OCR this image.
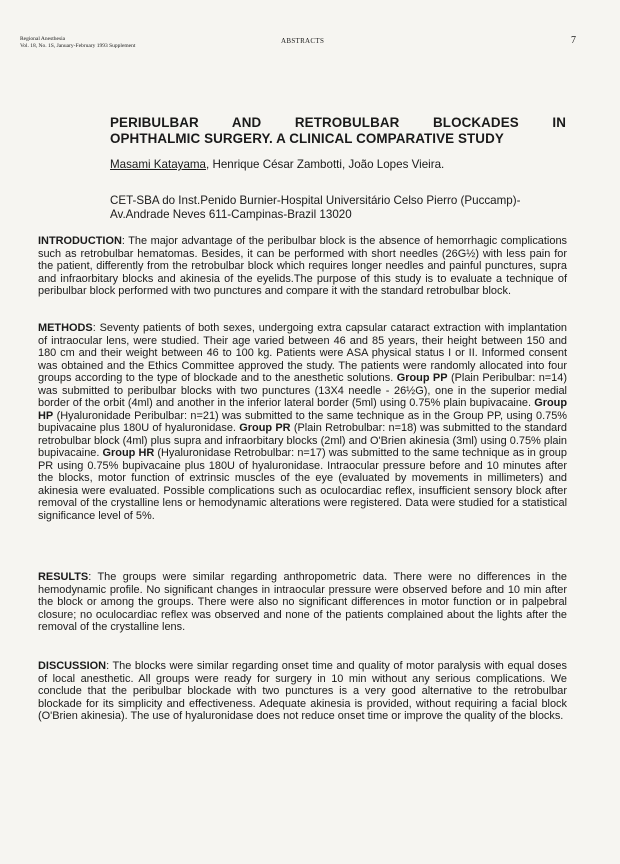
Regional Anesthesia
Vol. 18, No. 1S, January-February 1993 Supplement
ABSTRACTS	7
PERIBULBAR AND RETROBULBAR BLOCKADES IN
OPHTHALMIC SURGERY. A CLINICAL COMPARATIVE STUDY
Masami Katayama, Henrique César Zambotti, João Lopes Vieira.
CET-SBA do Inst.Penido Burnier-Hospital Universitário Celso Pierro (Puccamp)-
Av.Andrade Neves 611-Campinas-Brazil 13020
INTRODUCTION: The major advantage of the peribulbar block is the absence of hemorrhagic complications such as retrobulbar hematomas. Besides, it can be performed with short needles (26G½) with less pain for the patient, differently from the retrobulbar block which requires longer needles and painful punctures, supra and infraorbitary blocks and akinesia of the eyelids.The purpose of this study is to evaluate a technique of peribulbar block performed with two punctures and compare it with the standard retrobulbar block.
METHODS: Seventy patients of both sexes, undergoing extra capsular cataract extraction with implantation of intraocular lens, were studied. Their age varied between 46 and 85 years, their height between 150 and 180 cm and their weight between 46 to 100 kg. Patients were ASA physical status I or II. Informed consent was obtained and the Ethics Committee approved the study. The patients were randomly allocated into four groups according to the type of blockade and to the anesthetic solutions. Group PP (Plain Peribulbar: n=14) was submitted to peribulbar blocks with two punctures (13X4 needle - 26½G), one in the superior medial border of the orbit (4ml) and another in the inferior lateral border (5ml) using 0.75% plain bupivacaine. Group HP (Hyaluronidade Peribulbar: n=21) was submitted to the same technique as in the Group PP, using 0.75% bupivacaine plus 180U of hyaluronidase. Group PR (Plain Retrobulbar: n=18) was submitted to the standard retrobulbar block (4ml) plus supra and infraorbitary blocks (2ml) and O'Brien akinesia (3ml) using 0.75% plain bupivacaine. Group HR (Hyaluronidase Retrobulbar: n=17) was submitted to the same technique as in group PR using 0.75% bupivacaine plus 180U of hyaluronidase. Intraocular pressure before and 10 minutes after the blocks, motor function of extrinsic muscles of the eye (evaluated by movements in millimeters) and akinesia were evaluated. Possible complications such as oculocardiac reflex, insufficient sensory block after removal of the crystalline lens or hemodynamic alterations were registered. Data were studied for a statistical significance level of 5%.
RESULTS: The groups were similar regarding anthropometric data. There were no differences in the hemodynamic profile. No significant changes in intraocular pressure were observed before and 10 min after the block or among the groups. There were also no significant differences in motor function or in palpebral closure; no oculocardiac reflex was observed and none of the patients complained about the lights after the removal of the crystalline lens.
DISCUSSION: The blocks were similar regarding onset time and quality of motor paralysis with equal doses of local anesthetic. All groups were ready for surgery in 10 min without any serious complications. We conclude that the peribulbar blockade with two punctures is a very good alternative to the retrobulbar blockade for its simplicity and effectiveness. Adequate akinesia is provided, without requiring a facial block (O'Brien akinesia). The use of hyaluronidase does not reduce onset time or improve the quality of the blocks.
